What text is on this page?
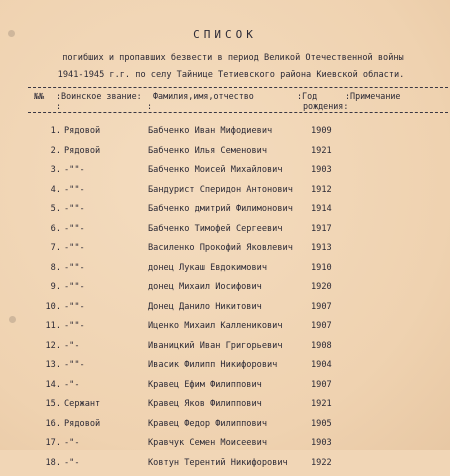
СПИСОК
погибших и пропавших безвести в период Великой Отечественной войны
1941-1945 г.г. по селу Тайнице Тетиевского района Киевской области.
№№
:
:Воинское звание:
:
Фамилия,имя,отчество	:Год
рождения:
:Примечание
1. Рядовой	Бабченко Иван Мифодиевич	1909
2. Рядовой	Бабченко Илья Семенович	1921
3. -""-	Бабченко Моисей Михайлович	1903
4. -""-	Бандурист Сперидон Антонович 1912
5. -""-	Бабченко дмитрий Филимонович 1914
6. -""-	Бабченко Тимофей Сергеевич	1917
7. -""-	Василенко Прокофий Яковлевич 1913
8. -""-	донец Лукаш Евдокимович	1910
9. -""-	донец Михаил Иосифович	1920
10. -""-	Донец Данило Никитович	1907
11. -""-	Иценко Михаил Калленикович	1907
12. -"-	Иваницкий Иван Григорьевич	1908
13. -""-	Ивасик Филипп Никифорович	1904
14. -"-	Кравец Ефим Филиппович	1907
15. Сержант	Кравец Яков Филиппович	1921
16. Рядовой	Кравец Федор Филиппович	1905
17. -"-	Кравчук Семен Моисеевич	1903
18. -"-	Ковтун Терентий Никифорович	1922
